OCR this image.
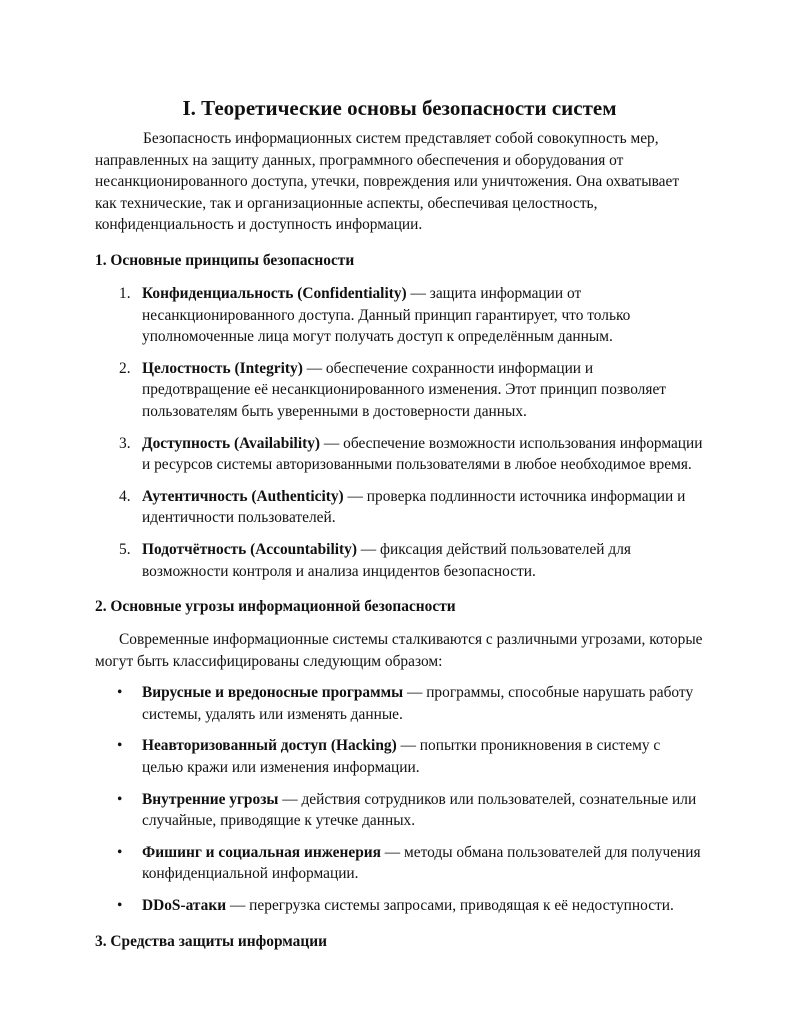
I. Теоретические основы безопасности систем

Безопасность информационных систем представляет собой совокупность мер, направленных на защиту данных, программного обеспечения и оборудования от несанкционированного доступа, утечки, повреждения или уничтожения. Она охватывает как технические, так и организационные аспекты, обеспечивая целостность, конфиденциальность и доступность информации.

1. Основные принципы безопасности
1. Конфиденциальность (Confidentiality) — защита информации от несанкционированного доступа. Данный принцип гарантирует, что только уполномоченные лица могут получать доступ к определённым данным.
2. Целостность (Integrity) — обеспечение сохранности информации и предотвращение её несанкционированного изменения. Этот принцип позволяет пользователям быть уверенными в достоверности данных.
3. Доступность (Availability) — обеспечение возможности использования информации и ресурсов системы авторизованными пользователями в любое необходимое время.
4. Аутентичность (Authenticity) — проверка подлинности источника информации и идентичности пользователей.
5. Подотчётность (Accountability) — фиксация действий пользователей для возможности контроля и анализа инцидентов безопасности.
2. Основные угрозы информационной безопасности

Современные информационные системы сталкиваются с различными угрозами, которые могут быть классифицированы следующим образом:

• Вирусные и вредоносные программы — программы, способные нарушать работу системы, удалять или изменять данные.
• Неавторизованный доступ (Hacking) — попытки проникновения в систему с целью кражи или изменения информации.
• Внутренние угрозы — действия сотрудников или пользователей, сознательные или случайные, приводящие к утечке данных.
• Фишинг и социальная инженерия — методы обмана пользователей для получения конфиденциальной информации.
• DDoS-атаки — перегрузка системы запросами, приводящая к её недоступности.
3. Средства защиты информации
